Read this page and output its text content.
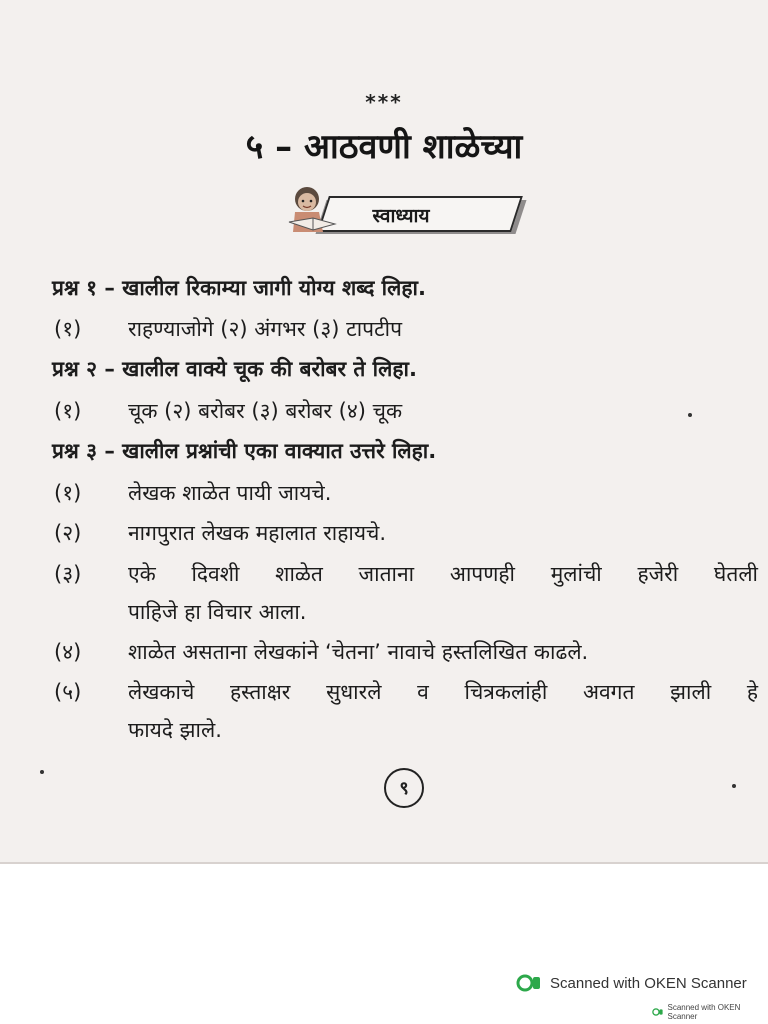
***
५ – आठवणी शाळेच्या
स्वाध्याय
प्रश्न १ – खालील रिकाम्या जागी योग्य शब्द लिहा.
(१) राहण्याजोगे (२) अंगभर (३) टापटीप
प्रश्न २ – खालील वाक्ये चूक की बरोबर ते लिहा.
(१) चूक (२) बरोबर (३) बरोबर (४) चूक
प्रश्न ३ – खालील प्रश्नांची एका वाक्यात उत्तरे लिहा.
(१) लेखक शाळेत पायी जायचे.
(२) नागपुरात लेखक महालात राहायचे.
(३) एके दिवशी शाळेत जाताना आपणही मुलांची हजेरी घेतली
पाहिजे हा विचार आला.
(४) शाळेत असताना लेखकांने ‘चेतना’ नावाचे हस्तलिखित काढले.
(५) लेखकाचे हस्ताक्षर सुधारले व चित्रकलांही अवगत झाली हे
फायदे झाले.
९
Scanned with OKEN Scanner
Scanned with OKEN Scanner
